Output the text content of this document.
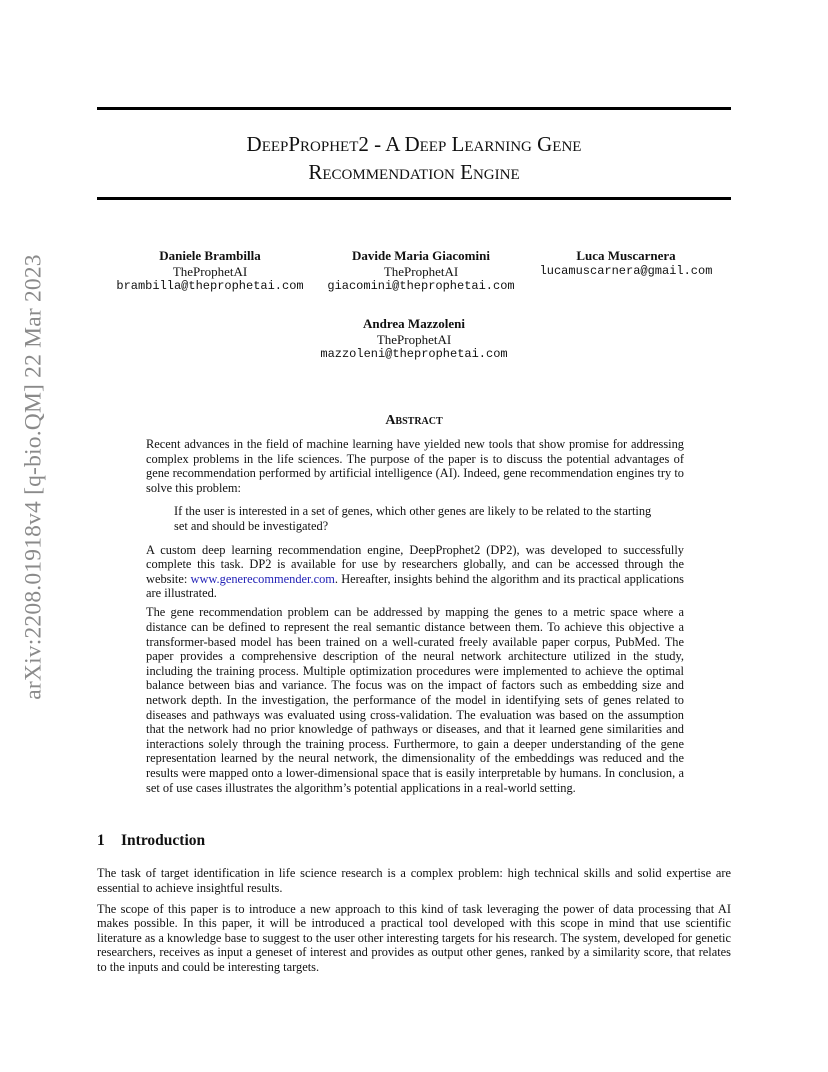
arXiv:2208.01918v4 [q-bio.QM] 22 Mar 2023
DeepProphet2 - A Deep Learning Gene
Recommendation Engine
Daniele Brambilla
TheProphetAI
brambilla@theprophetai.com
Davide Maria Giacomini
TheProphetAI
giacomini@theprophetai.com
Luca Muscarnera
lucamuscarnera@gmail.com
Andrea Mazzoleni
TheProphetAI
mazzoleni@theprophetai.com
Abstract

Recent advances in the field of machine learning have yielded new tools that show promise for addressing complex problems in the life sciences. The purpose of the paper is to discuss the potential advantages of gene recommendation performed by artificial intelligence (AI). Indeed, gene recommendation engines try to solve this problem:

If the user is interested in a set of genes, which other genes are likely to be related to the starting set and should be investigated?

A custom deep learning recommendation engine, DeepProphet2 (DP2), was developed to successfully complete this task. DP2 is available for use by researchers globally, and can be accessed through the website: www.generecommender.com. Hereafter, insights behind the algorithm and its practical applications are illustrated.

The gene recommendation problem can be addressed by mapping the genes to a metric space where a distance can be defined to represent the real semantic distance between them. To achieve this objective a transformer-based model has been trained on a well-curated freely available paper corpus, PubMed. The paper provides a comprehensive description of the neural network architecture utilized in the study, including the training process. Multiple optimization procedures were implemented to achieve the optimal balance between bias and variance. The focus was on the impact of factors such as embedding size and network depth. In the investigation, the performance of the model in identifying sets of genes related to diseases and pathways was evaluated using cross-validation. The evaluation was based on the assumption that the network had no prior knowledge of pathways or diseases, and that it learned gene similarities and interactions solely through the training process. Furthermore, to gain a deeper understanding of the gene representation learned by the neural network, the dimensionality of the embeddings was reduced and the results were mapped onto a lower-dimensional space that is easily interpretable by humans. In conclusion, a set of use cases illustrates the algorithm’s potential applications in a real-world setting.

1 Introduction

The task of target identification in life science research is a complex problem: high technical skills and solid expertise are essential to achieve insightful results.

The scope of this paper is to introduce a new approach to this kind of task leveraging the power of data processing that AI makes possible. In this paper, it will be introduced a practical tool developed with this scope in mind that use scientific literature as a knowledge base to suggest to the user other interesting targets for his research. The system, developed for genetic researchers, receives as input a geneset of interest and provides as output other genes, ranked by a similarity score, that relates to the inputs and could be interesting targets.
